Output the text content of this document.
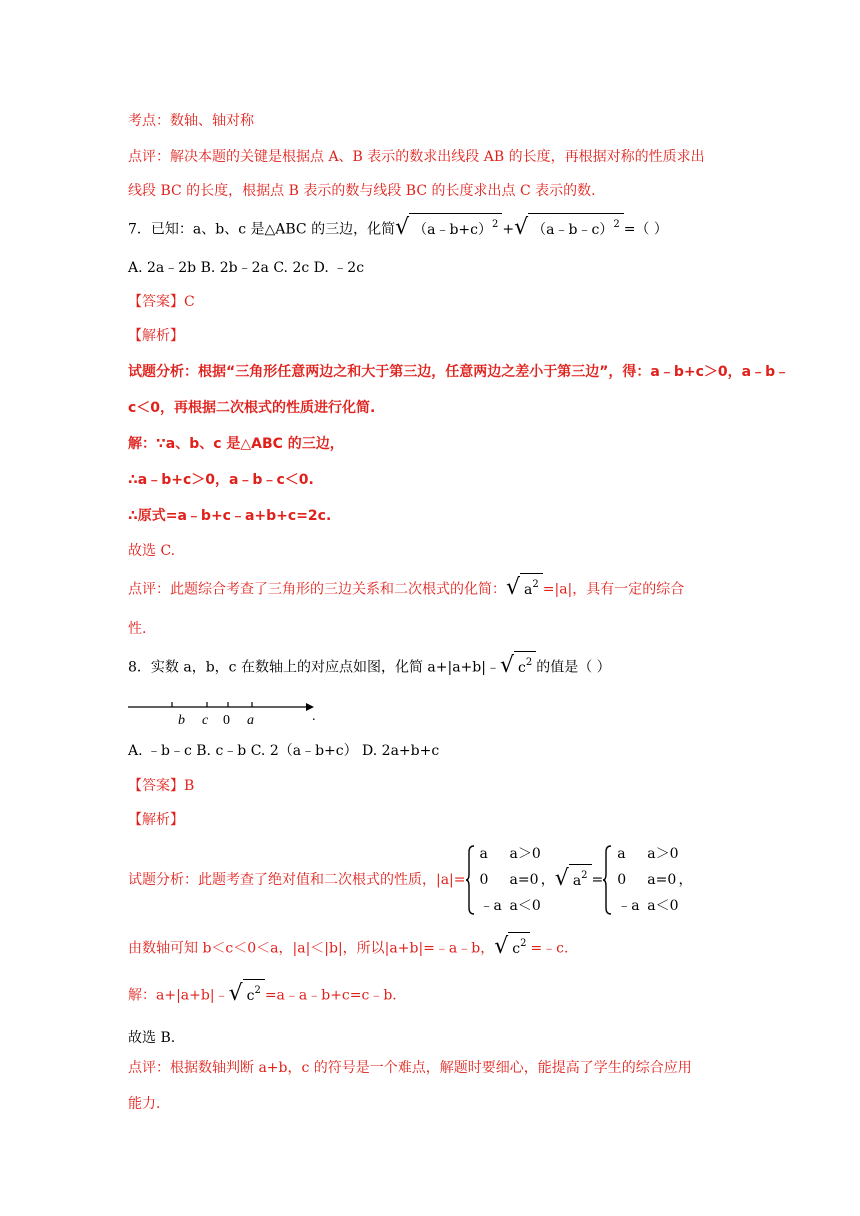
考点：数轴、轴对称
点评：解决本题的关键是根据点 A、B 表示的数求出线段 AB 的长度，再根据对称的性质求出
线段 BC 的长度，根据点 B 表示的数与线段 BC 的长度求出点 C 表示的数.
7．已知：a、b、c 是△ABC 的三边，化简√ （a﹣b+c）$^2$ +√ （a﹣b﹣c）$^2$ =（ ）
A. 2a﹣2b B. 2b﹣2a C. 2c D. ﹣2c
【答案】C
【解析】
试题分析：根据“三角形任意两边之和大于第三边，任意两边之差小于第三边”，得：a﹣b+c＞0，a﹣b﹣
c＜0，再根据二次根式的性质进行化简.
解：∵a、b、c 是△ABC 的三边，
∴a﹣b+c＞0，a﹣b﹣c＜0.
∴原式=a﹣b+c﹣a+b+c=2c.
故选 C.
点评：此题综合考查了三角形的三边关系和二次根式的化简：√ $a^2 =|a|$，具有一定的综合
性.
8．实数 a，b，c 在数轴上的对应点如图，化简 a+|a+b|﹣√ $c^2$ 的值是（ ）
b c 0 a	.
A. ﹣b﹣c B. c﹣b C. 2（a﹣b+c） D. 2a+b+c
【答案】B
【解析】
试题分析：此题考查了绝对值和二次根式的性质，|a|=
a a＞0
0 a=0
﹣a a＜0
，√ $a^2$ =
a a＞0
0 a=0
﹣a a＜0
，
由数轴可知 b＜c＜0＜a，|a|＜|b|，所以|a+b|=﹣a﹣b，√ $c^2$ =﹣c.
解：a+|a+b|﹣√ $c^2$ =a﹣a﹣b+c=c﹣b.
故选 B.
点评：根据数轴判断 a+b，c 的符号是一个难点，解题时要细心，能提高了学生的综合应用
能力.
